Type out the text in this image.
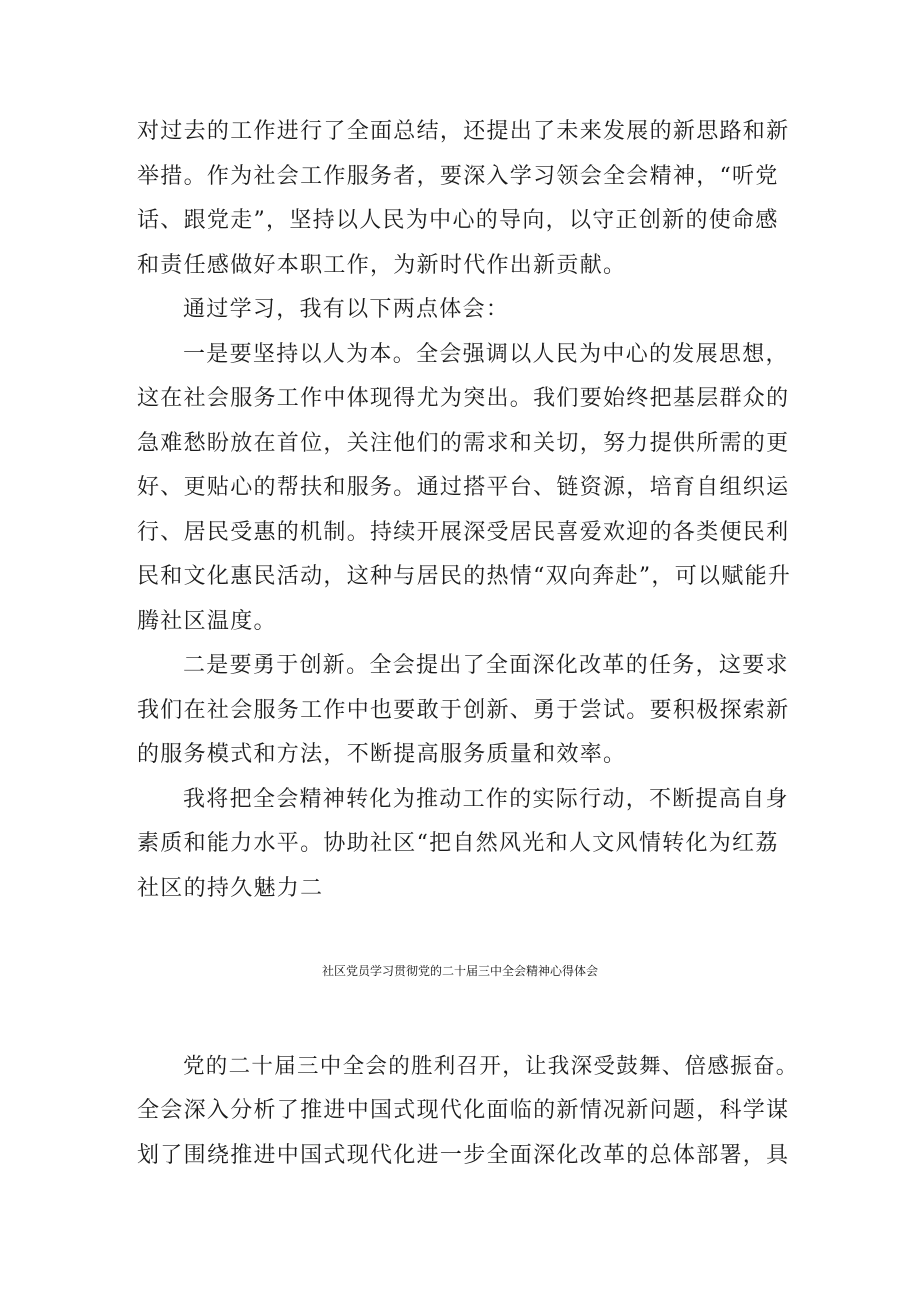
对过去的工作进行了全面总结，还提出了未来发展的新思路和新
举措。作为社会工作服务者，要深入学习领会全会精神，“听党
话、跟党走”，坚持以人民为中心的导向，以守正创新的使命感
和责任感做好本职工作，为新时代作出新贡献。
通过学习，我有以下两点体会：
一是要坚持以人为本。全会强调以人民为中心的发展思想，
这在社会服务工作中体现得尤为突出。我们要始终把基层群众的
急难愁盼放在首位，关注他们的需求和关切，努力提供所需的更
好、更贴心的帮扶和服务。通过搭平台、链资源，培育自组织运
行、居民受惠的机制。持续开展深受居民喜爱欢迎的各类便民利
民和文化惠民活动，这种与居民的热情“双向奔赴”，可以赋能升
腾社区温度。
二是要勇于创新。全会提出了全面深化改革的任务，这要求
我们在社会服务工作中也要敢于创新、勇于尝试。要积极探索新
的服务模式和方法，不断提高服务质量和效率。
我将把全会精神转化为推动工作的实际行动，不断提高自身
素质和能力水平。协助社区“把自然风光和人文风情转化为红荔
社区的持久魅力二
社区党员学习贯彻党的二十届三中全会精神心得体会
党的二十届三中全会的胜利召开，让我深受鼓舞、倍感振奋。
全会深入分析了推进中国式现代化面临的新情况新问题，科学谋
划了围绕推进中国式现代化进一步全面深化改革的总体部署，具
